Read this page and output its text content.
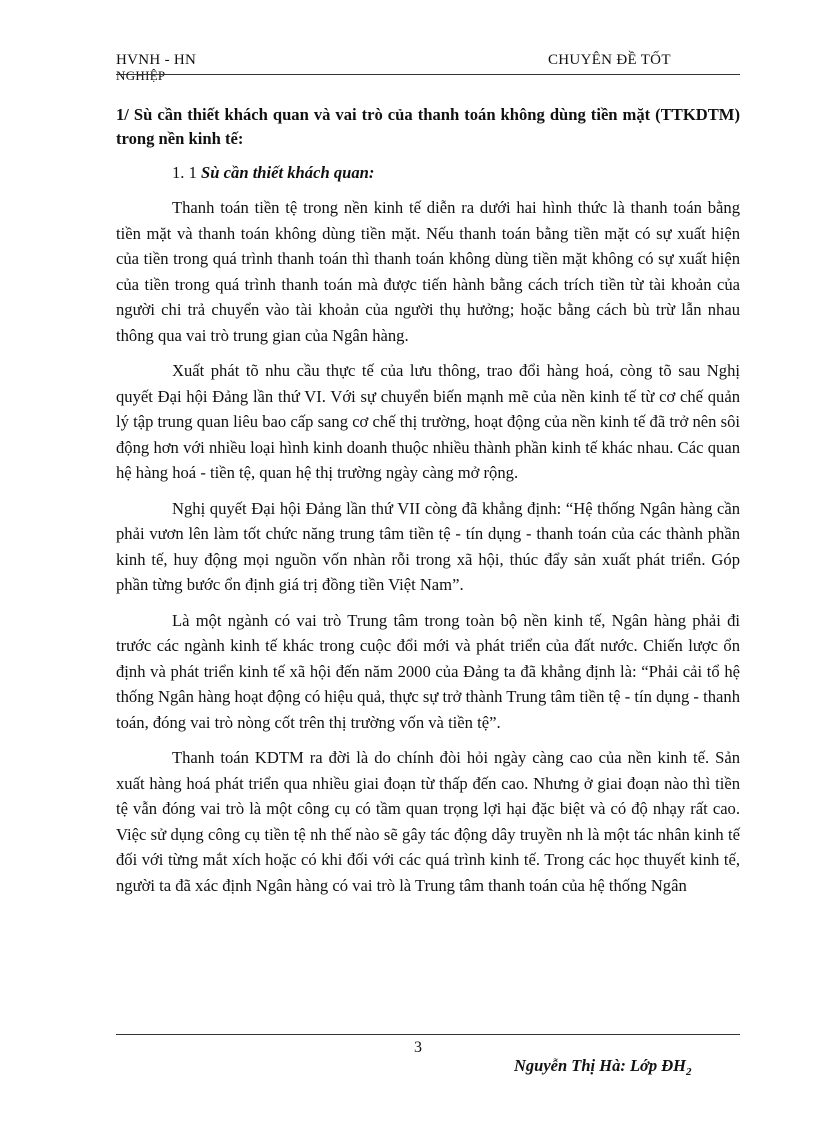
HVNH - HN
NGHIỆP
CHUYÊN ĐỀ TỐT

1/ Sù cần thiết khách quan và vai trò của thanh toán không dùng tiền mặt (TTKDTM) trong nền kinh tế:

1. 1 Sù cần thiết khách quan:

Thanh toán tiền tệ trong nền kinh tế diễn ra dưới hai hình thức là thanh toán bằng tiền mặt và thanh toán không dùng tiền mặt. Nếu thanh toán bằng tiền mặt có sự xuất hiện của tiền trong quá trình thanh toán thì thanh toán không dùng tiền mặt không có sự xuất hiện của tiền trong quá trình thanh toán mà được tiến hành bằng cách trích tiền từ tài khoản của người chi trả chuyển vào tài khoản của người thụ hưởng; hoặc bằng cách bù trừ lẫn nhau thông qua vai trò trung gian của Ngân hàng.

Xuất phát tõ nhu cầu thực tế của lưu thông, trao đổi hàng hoá, còng tõ sau Nghị quyết Đại hội Đảng lần thứ VI. Với sự chuyển biến mạnh mẽ của nền kinh tế từ cơ chế quản lý tập trung quan liêu bao cấp sang cơ chế thị trường, hoạt động của nền kinh tế đã trở nên sôi động hơn với nhiều loại hình kinh doanh thuộc nhiều thành phần kinh tế khác nhau. Các quan hệ hàng hoá - tiền tệ, quan hệ thị trường ngày càng mở rộng.

Nghị quyết Đại hội Đảng lần thứ VII còng đã khẳng định: “Hệ thống Ngân hàng cần phải vươn lên làm tốt chức năng trung tâm tiền tệ - tín dụng - thanh toán của các thành phần kinh tế, huy động mọi nguồn vốn nhàn rỗi trong xã hội, thúc đẩy sản xuất phát triển. Góp phần từng bước ổn định giá trị đồng tiền Việt Nam”.

Là một ngành có vai trò Trung tâm trong toàn bộ nền kinh tế, Ngân hàng phải đi trước các ngành kinh tế khác trong cuộc đổi mới và phát triển của đất nước. Chiến lược ổn định và phát triển kinh tế xã hội đến năm 2000 của Đảng ta đã khẳng định là: “Phải cải tổ hệ thống Ngân hàng hoạt động có hiệu quả, thực sự trở thành Trung tâm tiền tệ - tín dụng - thanh toán, đóng vai trò nòng cốt trên thị trường vốn và tiền tệ”.

Thanh toán KDTM ra đời là do chính đòi hỏi ngày càng cao của nền kinh tế. Sản xuất hàng hoá phát triển qua nhiều giai đoạn từ thấp đến cao. Nhưng ở giai đoạn nào thì tiền tệ vẫn đóng vai trò là một công cụ có tầm quan trọng lợi hại đặc biệt và có độ nhạy rất cao. Việc sử dụng công cụ tiền tệ nh thế nào sẽ gây tác động dây truyền nh là một tác nhân kinh tế đối với từng mắt xích hoặc có khi đối với các quá trình kinh tế. Trong các học thuyết kinh tế, người ta đã xác định Ngân hàng có vai trò là Trung tâm thanh toán của hệ thống Ngân

3
Nguyễn Thị Hà: Lớp $ĐH_2$
